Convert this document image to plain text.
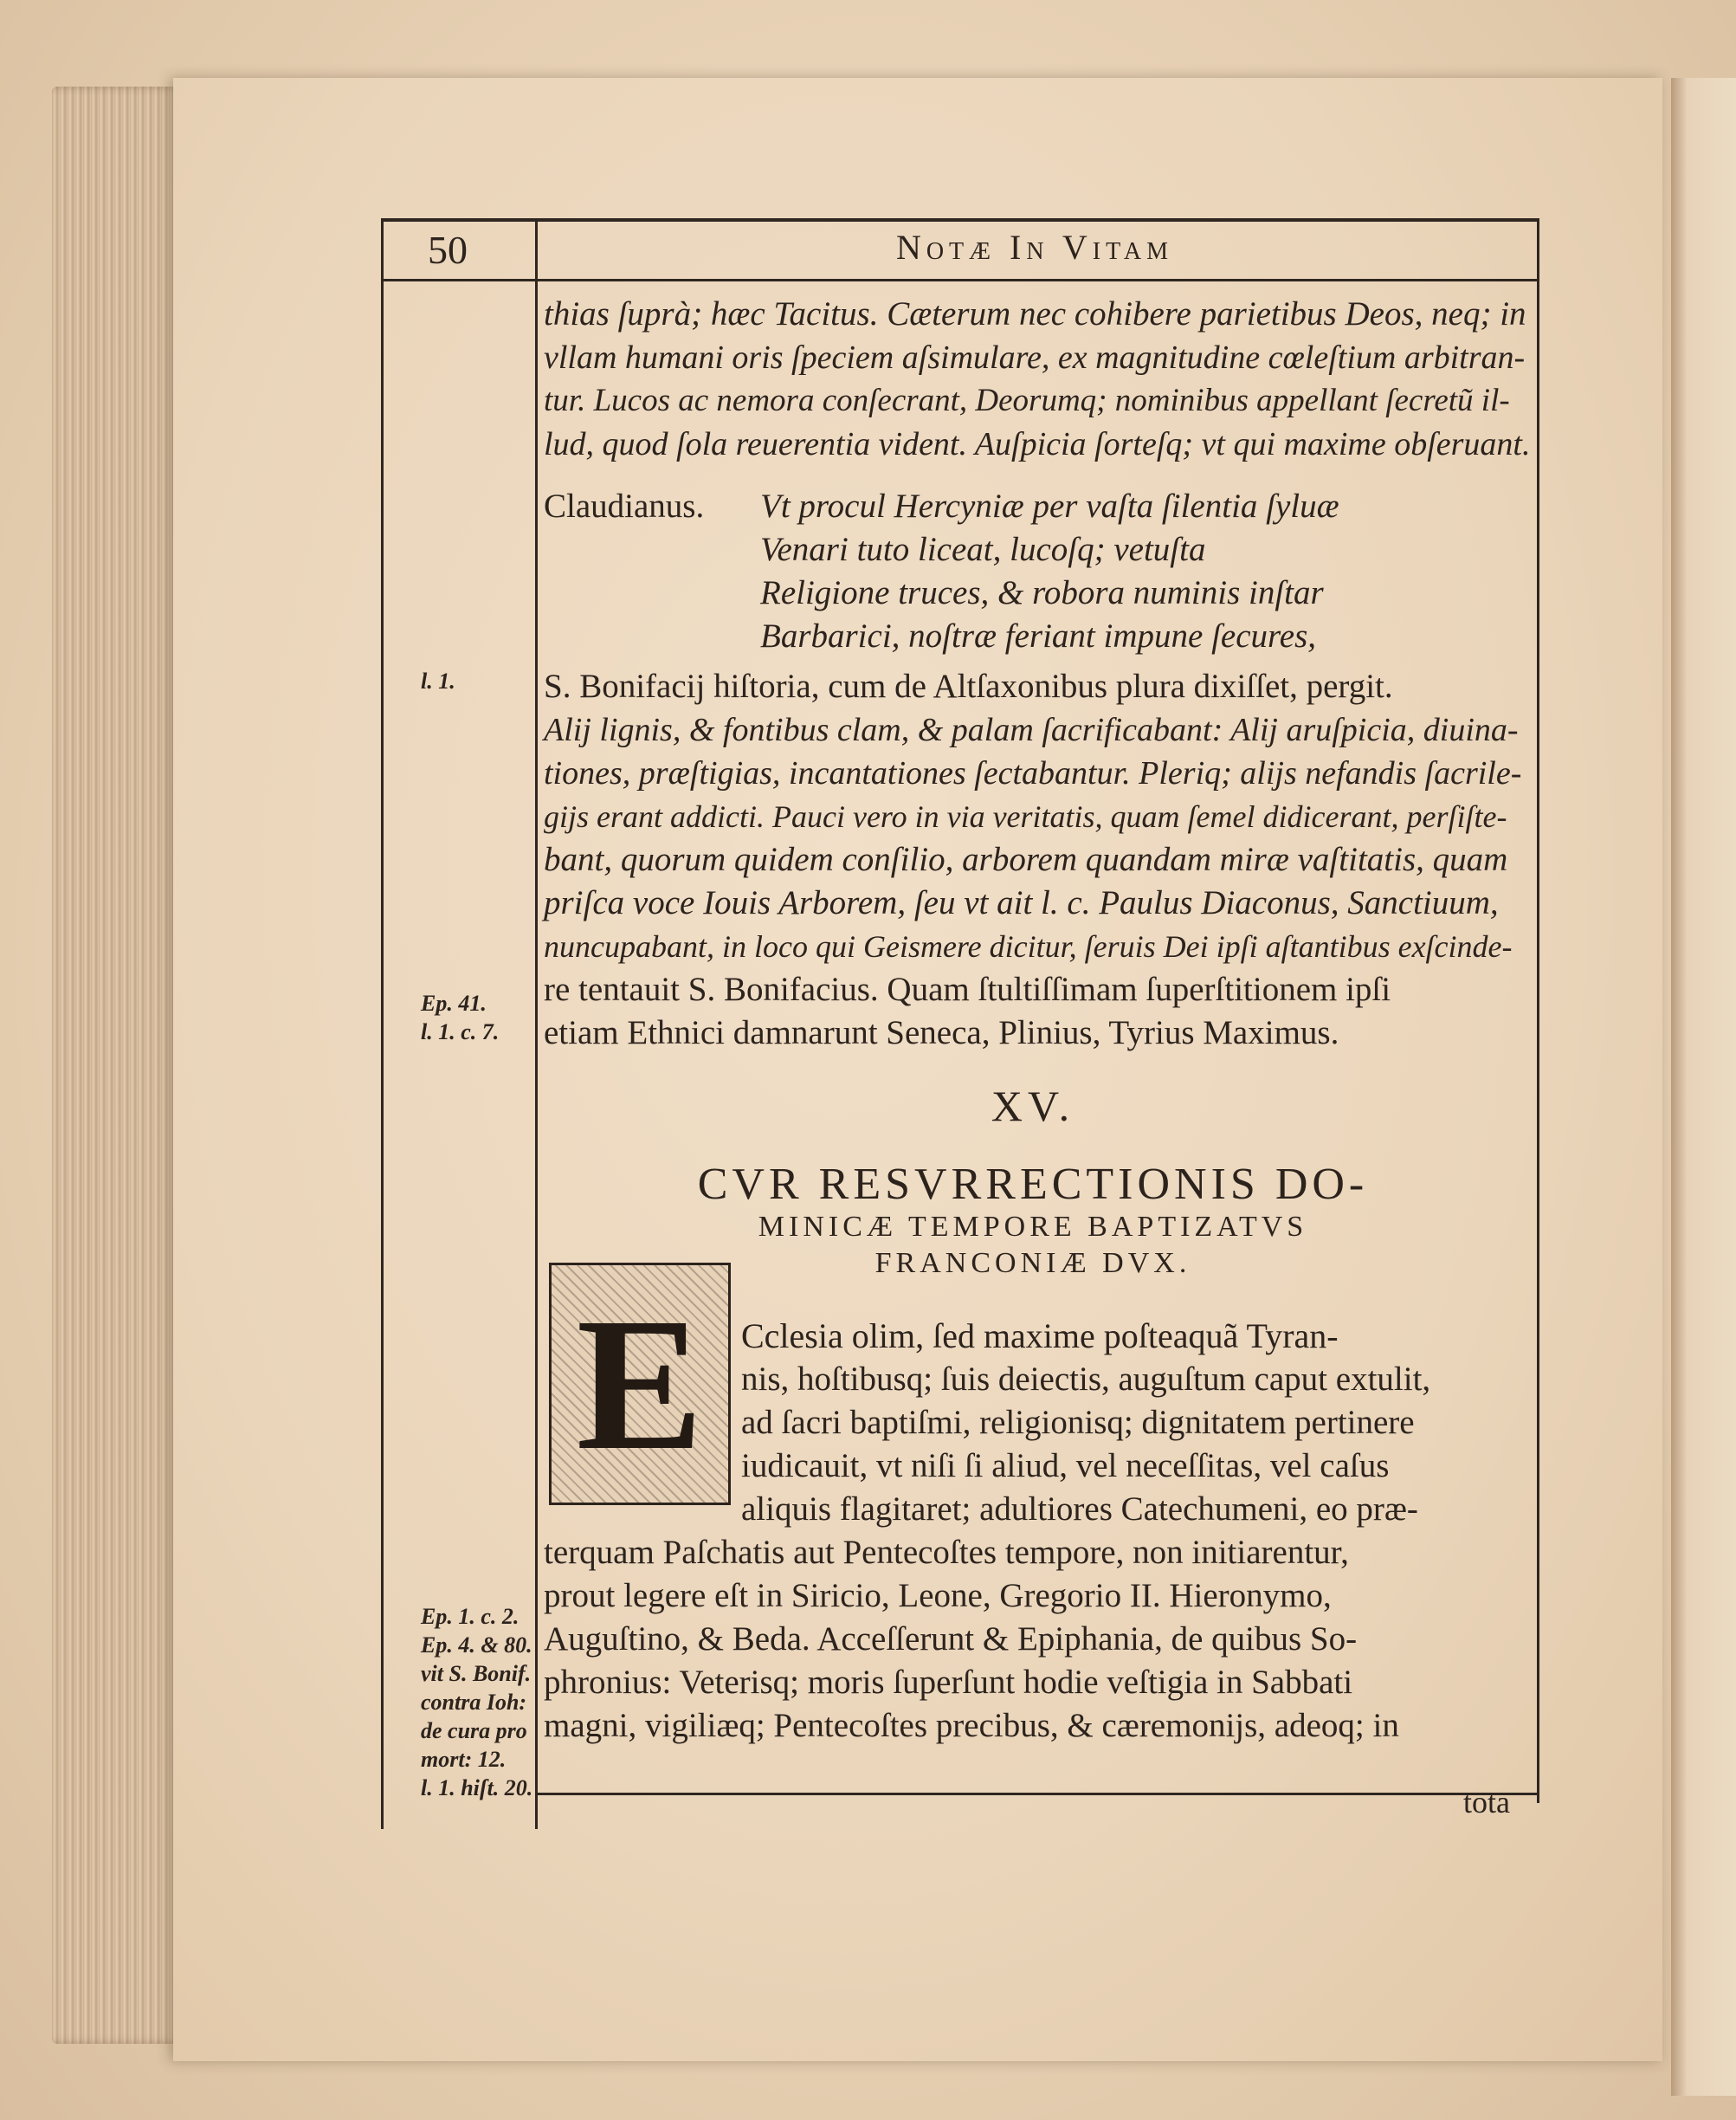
50	Notæ In Vitam
thias ſuprà; hæc Tacitus. Cæterum nec cohibere parietibus Deos, neq; in
vllam humani oris ſpeciem aſsimulare, ex magnitudine cœleſtium arbitran-
tur. Lucos ac nemora conſecrant, Deorumq; nominibus appellant ſecretũ il-
lud, quod ſola reuerentia vident. Auſpicia ſorteſq; vt qui maxime obſeruant.
Claudianus. Vt procul Hercyniæ per vaſta ſilentia ſyluæ
Venari tuto liceat, lucoſq; vetuſta
Religione truces, & robora numinis inſtar
Barbarici, noſtræ feriant impune ſecures,
S. Bonifacij hiſtoria, cum de Altſaxonibus plura dixiſſet, pergit.
Alij lignis, & fontibus clam, & palam ſacrificabant: Alij aruſpicia, diuina-
tiones, præſtigias, incantationes ſectabantur. Pleriq; alijs nefandis ſacrile-
gijs erant addicti. Pauci vero in via veritatis, quam ſemel didicerant, perſiſte-
bant, quorum quidem conſilio, arborem quandam miræ vaſtitatis, quam
priſca voce Iouis Arborem, ſeu vt ait l. c. Paulus Diaconus, Sanctiuum,
nuncupabant, in loco qui Geismere dicitur, ſeruis Dei ipſi aſtantibus exſcinde-
re tentauit S. Bonifacius. Quam ſtultiſſimam ſuperſtitionem ipſi
etiam Ethnici damnarunt Seneca, Plinius, Tyrius Maximus.
l. 1.
Ep. 41.
l. 1. c. 7.
Ep. 1. c. 2.
Ep. 4. & 80.
vit S. Bonif.
contra Ioh:
de cura pro
mort: 12.
l. 1. hiſt. 20.
XV.
CVR RESVRRECTIONIS DO-
MINICÆ TEMPORE BAPTIZATVS
FRANCONIÆ DVX.
E	Cclesia olim, ſed maxime poſteaquã Tyran-
nis, hoſtibusq; ſuis deiectis, auguſtum caput extulit,
ad ſacri baptiſmi, religionisq; dignitatem pertinere
iudicauit, vt niſi ſi aliud, vel neceſſitas, vel caſus
aliquis flagitaret; adultiores Catechumeni, eo præ-
terquam Paſchatis aut Pentecoſtes tempore, non initiarentur,
prout legere eſt in Siricio, Leone, Gregorio II. Hieronymo,
Auguſtino, & Beda. Acceſſerunt & Epiphania, de quibus So-
phronius: Veterisq; moris ſuperſunt hodie veſtigia in Sabbati
magni, vigiliæq; Pentecoſtes precibus, & cæremonijs, adeoq; in
tota
